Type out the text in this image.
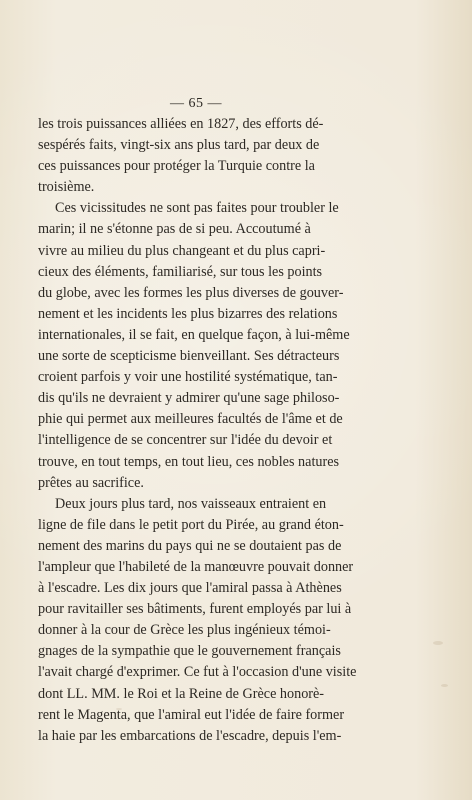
— 65 —
les trois puissances alliées en 1827, des efforts dé-
sespérés faits, vingt-six ans plus tard, par deux de
ces puissances pour protéger la Turquie contre la
troisième.
Ces vicissitudes ne sont pas faites pour troubler le
marin; il ne s'étonne pas de si peu. Accoutumé à
vivre au milieu du plus changeant et du plus capri-
cieux des éléments, familiarisé, sur tous les points
du globe, avec les formes les plus diverses de gouver-
nement et les incidents les plus bizarres des relations
internationales, il se fait, en quelque façon, à lui-même
une sorte de scepticisme bienveillant. Ses détracteurs
croient parfois y voir une hostilité systématique, tan-
dis qu'ils ne devraient y admirer qu'une sage philoso-
phie qui permet aux meilleures facultés de l'âme et de
l'intelligence de se concentrer sur l'idée du devoir et
trouve, en tout temps, en tout lieu, ces nobles natures
prêtes au sacrifice.
Deux jours plus tard, nos vaisseaux entraient en
ligne de file dans le petit port du Pirée, au grand éton-
nement des marins du pays qui ne se doutaient pas de
l'ampleur que l'habileté de la manœuvre pouvait donner
à l'escadre. Les dix jours que l'amiral passa à Athènes
pour ravitailler ses bâtiments, furent employés par lui à
donner à la cour de Grèce les plus ingénieux témoi-
gnages de la sympathie que le gouvernement français
l'avait chargé d'exprimer. Ce fut à l'occasion d'une visite
dont LL. MM. le Roi et la Reine de Grèce honorè-
rent le Magenta, que l'amiral eut l'idée de faire former
la haie par les embarcations de l'escadre, depuis l'em-
